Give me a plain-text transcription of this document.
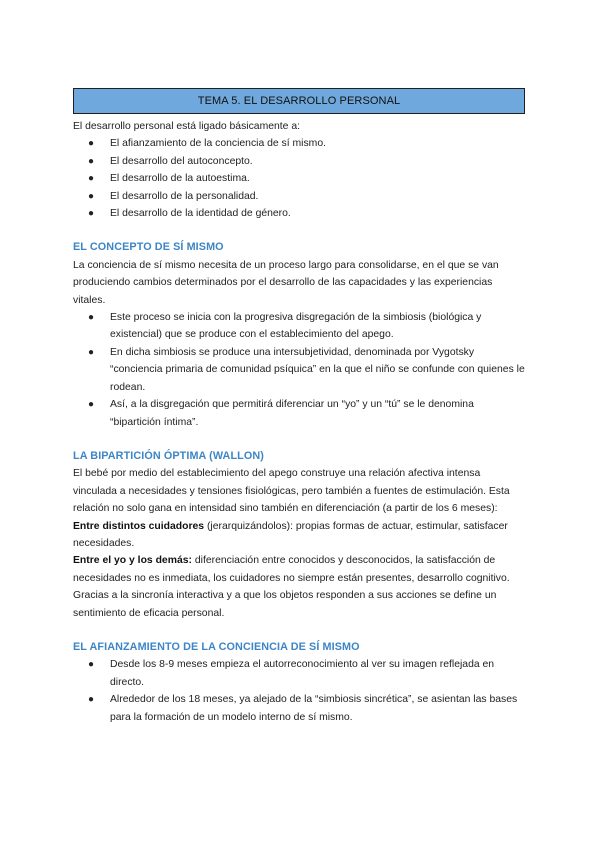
TEMA 5. EL DESARROLLO PERSONAL

El desarrollo personal está ligado básicamente a:

● El afianzamiento de la conciencia de sí mismo.
● El desarrollo del autoconcepto.
● El desarrollo de la autoestima.
● El desarrollo de la personalidad.
● El desarrollo de la identidad de género.
EL CONCEPTO DE SÍ MISMO

La conciencia de sí mismo necesita de un proceso largo para consolidarse, en el que se van produciendo cambios determinados por el desarrollo de las capacidades y las experiencias vitales.

● Este proceso se inicia con la progresiva disgregación de la simbiosis (biológica y existencial) que se produce con el establecimiento del apego.
● En dicha simbiosis se produce una intersubjetividad, denominada por Vygotsky “conciencia primaria de comunidad psíquica” en la que el niño se confunde con quienes le rodean.
● Así, a la disgregación que permitirá diferenciar un “yo” y un “tú” se le denomina “bipartición íntima”.
LA BIPARTICIÓN ÓPTIMA (WALLON)

El bebé por medio del establecimiento del apego construye una relación afectiva intensa vinculada a necesidades y tensiones fisiológicas, pero también a fuentes de estimulación. Esta relación no solo gana en intensidad sino también en diferenciación (a partir de los 6 meses):

Entre distintos cuidadores (jerarquizándolos): propias formas de actuar, estimular, satisfacer necesidades.

Entre el yo y los demás: diferenciación entre conocidos y desconocidos, la satisfacción de necesidades no es inmediata, los cuidadores no siempre están presentes, desarrollo cognitivo.

Gracias a la sincronía interactiva y a que los objetos responden a sus acciones se define un sentimiento de eficacia personal.

EL AFIANZAMIENTO DE LA CONCIENCIA DE SÍ MISMO
● Desde los 8-9 meses empieza el autorreconocimiento al ver su imagen reflejada en directo.
● Alrededor de los 18 meses, ya alejado de la “simbiosis sincrética”, se asientan las bases para la formación de un modelo interno de sí mismo.
